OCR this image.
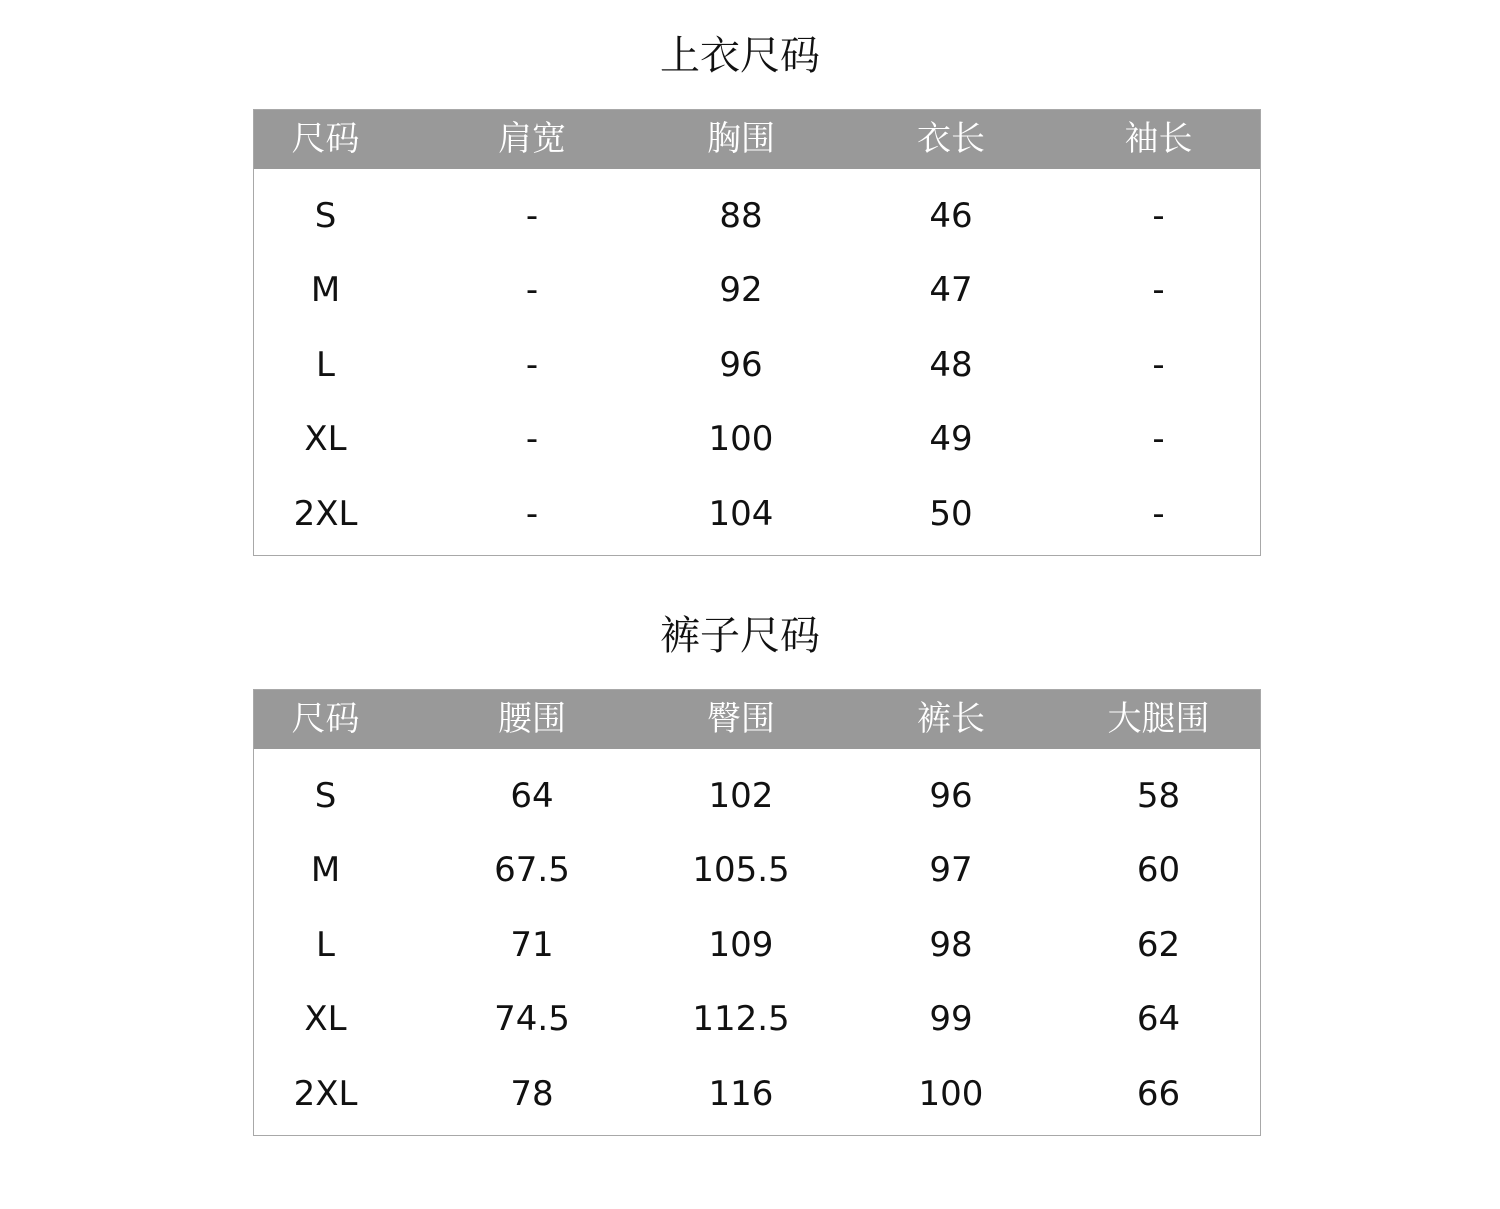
上衣尺码
尺码	肩宽	胸围	衣长	袖长
S	-	88	46	-
M	-	92	47	-
L	-	96	48	-
XL	-	100	49	-
2XL	-	104	50	-
裤子尺码
尺码	腰围	臀围	裤长	大腿围
S	64	102	96	58
M	67.5	105.5	97	60
L	71	109	98	62
XL	74.5	112.5	99	64
2XL	78	116	100	66
